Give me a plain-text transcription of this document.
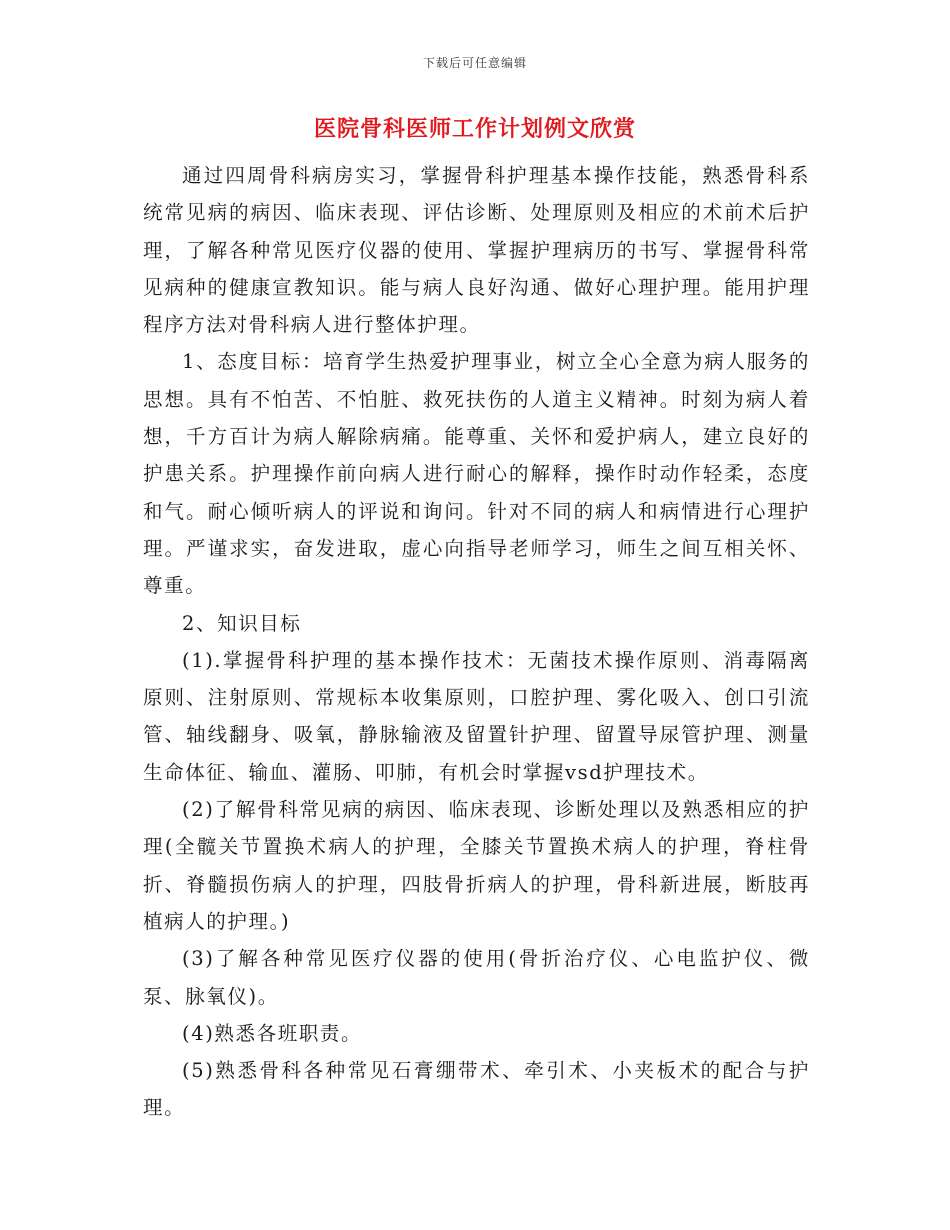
下载后可任意编辑
医院骨科医师工作计划例文欣赏

通过四周骨科病房实习，掌握骨科护理基本操作技能，熟悉骨科系统常见病的病因、临床表现、评估诊断、处理原则及相应的术前术后护理，了解各种常见医疗仪器的使用、掌握护理病历的书写、掌握骨科常见病种的健康宣教知识。能与病人良好沟通、做好心理护理。能用护理程序方法对骨科病人进行整体护理。

1、态度目标：培育学生热爱护理事业，树立全心全意为病人服务的思想。具有不怕苦、不怕脏、救死扶伤的人道主义精神。时刻为病人着想，千方百计为病人解除病痛。能尊重、关怀和爱护病人，建立良好的护患关系。护理操作前向病人进行耐心的解释，操作时动作轻柔，态度和气。耐心倾听病人的评说和询问。针对不同的病人和病情进行心理护理。严谨求实，奋发进取，虚心向指导老师学习，师生之间互相关怀、尊重。

2、知识目标

(1).掌握骨科护理的基本操作技术：无菌技术操作原则、消毒隔离原则、注射原则、常规标本收集原则，口腔护理、雾化吸入、创口引流管、轴线翻身、吸氧，静脉输液及留置针护理、留置导尿管护理、测量生命体征、输血、灌肠、叩肺，有机会时掌握vsd护理技术。

(2)了解骨科常见病的病因、临床表现、诊断处理以及熟悉相应的护理(全髋关节置换术病人的护理，全膝关节置换术病人的护理，脊柱骨折、脊髓损伤病人的护理，四肢骨折病人的护理，骨科新进展，断肢再植病人的护理。)

(3)了解各种常见医疗仪器的使用(骨折治疗仪、心电监护仪、微泵、脉氧仪)。

(4)熟悉各班职责。

(5)熟悉骨科各种常见石膏绷带术、牵引术、小夹板术的配合与护理。
